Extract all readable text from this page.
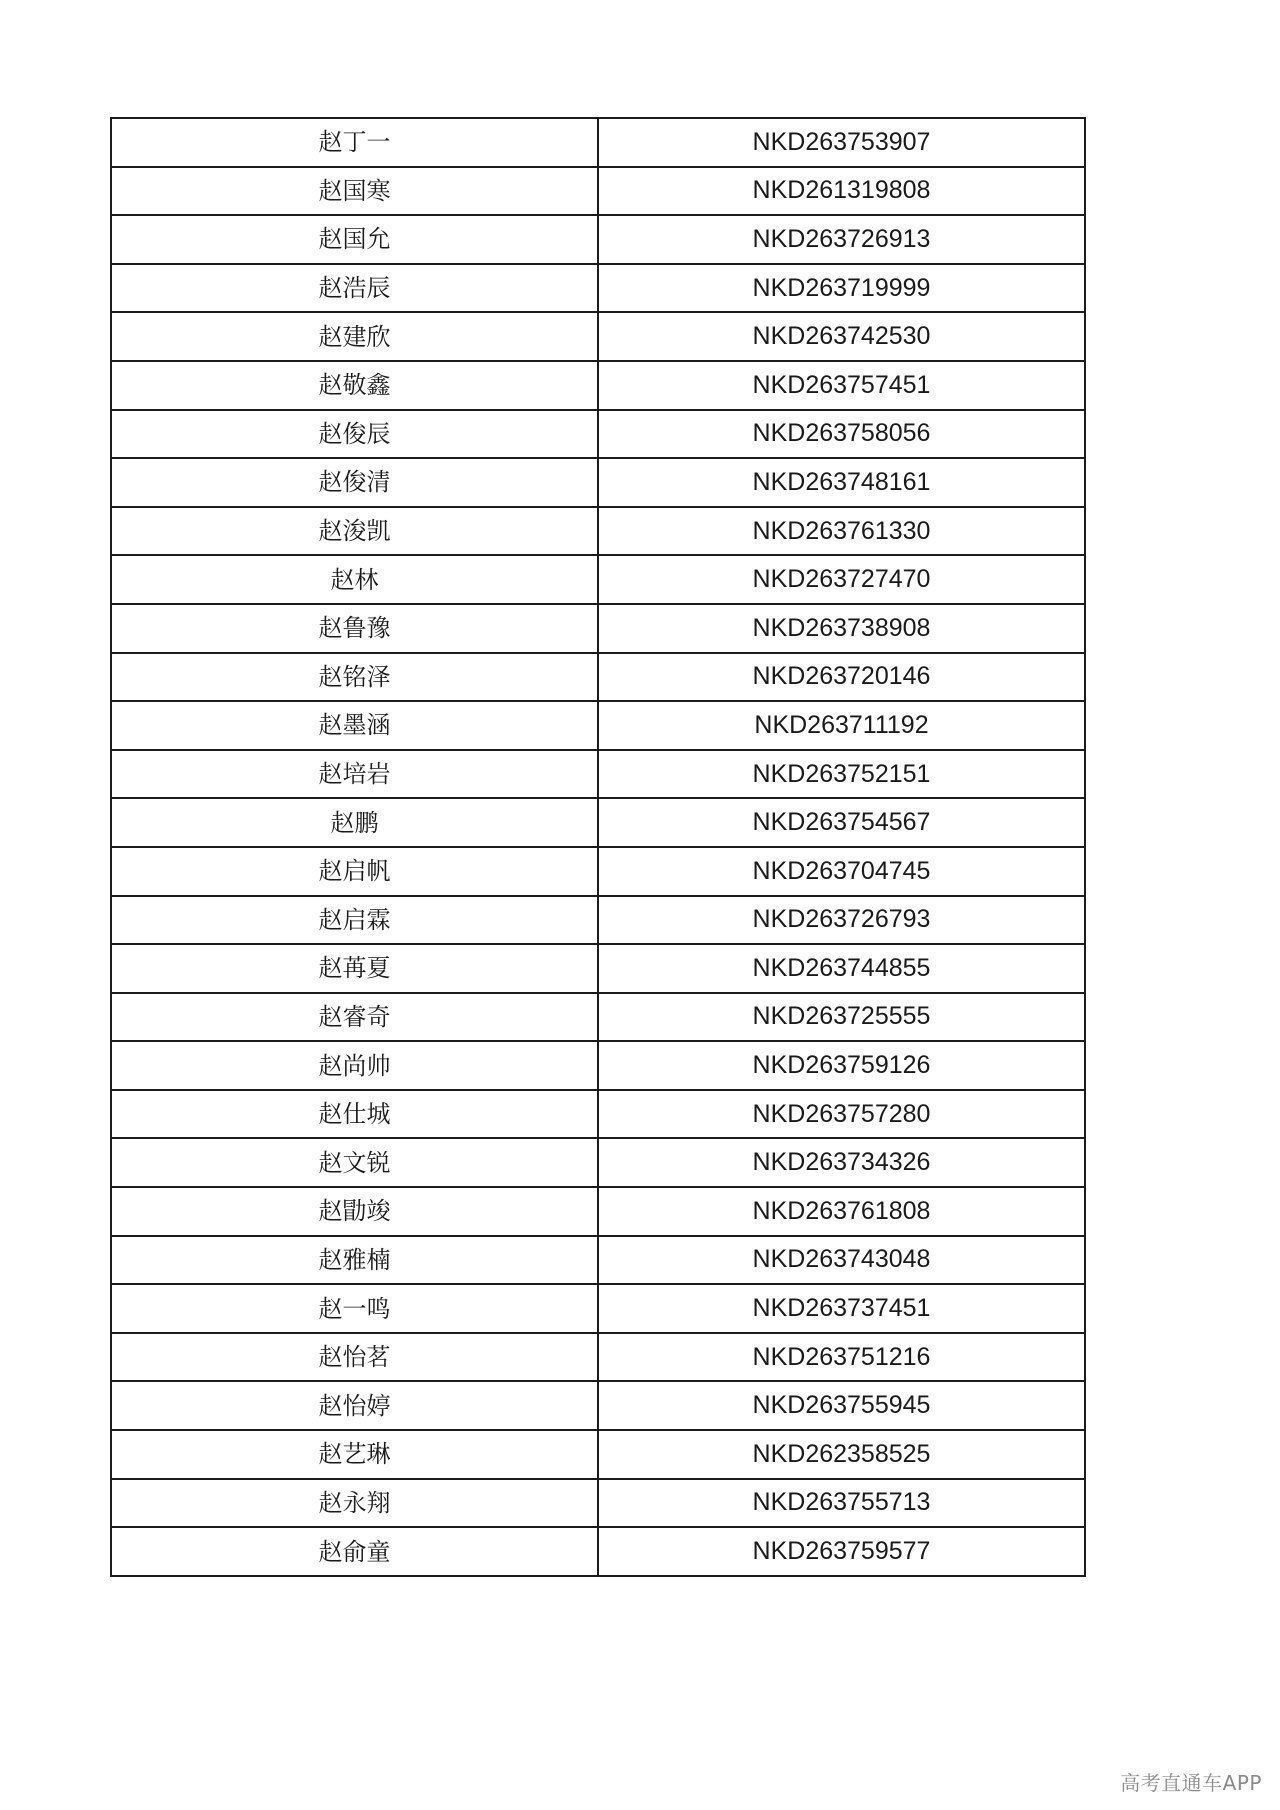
赵丁一	NKD263753907
赵国寒	NKD261319808
赵国允	NKD263726913
赵浩辰	NKD263719999
赵建欣	NKD263742530
赵敬鑫	NKD263757451
赵俊辰	NKD263758056
赵俊清	NKD263748161
赵浚凯	NKD263761330
赵林	NKD263727470
赵鲁豫	NKD263738908
赵铭泽	NKD263720146
赵墨涵	NKD263711192
赵培岩	NKD263752151
赵鹏	NKD263754567
赵启帆	NKD263704745
赵启霖	NKD263726793
赵苒夏	NKD263744855
赵睿奇	NKD263725555
赵尚帅	NKD263759126
赵仕城	NKD263757280
赵文锐	NKD263734326
赵勖竣	NKD263761808
赵雅楠	NKD263743048
赵一鸣	NKD263737451
赵怡茗	NKD263751216
赵怡婷	NKD263755945
赵艺琳	NKD262358525
赵永翔	NKD263755713
赵俞童	NKD263759577
高考直通车APP
